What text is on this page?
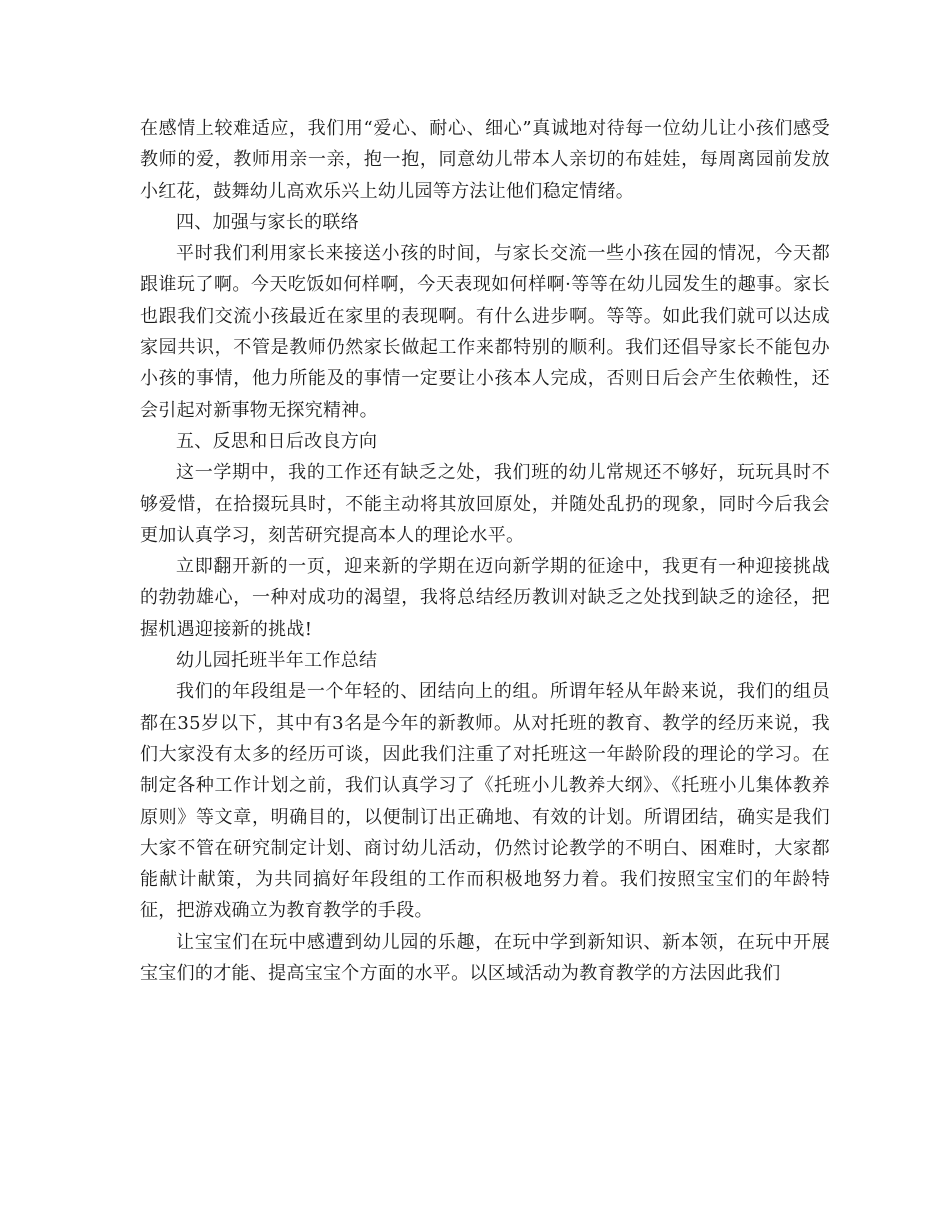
在感情上较难适应，我们用“爱心、耐心、细心”真诚地对待每一位幼儿让小孩们感受教师的爱，教师用亲一亲，抱一抱，同意幼儿带本人亲切的布娃娃，每周离园前发放小红花，鼓舞幼儿高欢乐兴上幼儿园等方法让他们稳定情绪。

四、加强与家长的联络

平时我们利用家长来接送小孩的时间，与家长交流一些小孩在园的情况，今天都跟谁玩了啊。今天吃饭如何样啊，今天表现如何样啊·等等在幼儿园发生的趣事。家长也跟我们交流小孩最近在家里的表现啊。有什么进步啊。等等。如此我们就可以达成家园共识，不管是教师仍然家长做起工作来都特别的顺利。我们还倡导家长不能包办小孩的事情，他力所能及的事情一定要让小孩本人完成，否则日后会产生依赖性，还会引起对新事物无探究精神。

五、反思和日后改良方向

这一学期中，我的工作还有缺乏之处，我们班的幼儿常规还不够好，玩玩具时不够爱惜，在拾掇玩具时，不能主动将其放回原处，并随处乱扔的现象，同时今后我会更加认真学习，刻苦研究提高本人的理论水平。

立即翻开新的一页，迎来新的学期在迈向新学期的征途中，我更有一种迎接挑战的勃勃雄心，一种对成功的渴望，我将总结经历教训对缺乏之处找到缺乏的途径，把握机遇迎接新的挑战!

幼儿园托班半年工作总结

我们的年段组是一个年轻的、团结向上的组。所谓年轻从年龄来说，我们的组员都在35岁以下，其中有3名是今年的新教师。从对托班的教育、教学的经历来说，我们大家没有太多的经历可谈，因此我们注重了对托班这一年龄阶段的理论的学习。在制定各种工作计划之前，我们认真学习了《托班小儿教养大纲》、《托班小儿集体教养原则》等文章，明确目的，以便制订出正确地、有效的计划。所谓团结，确实是我们大家不管在研究制定计划、商讨幼儿活动，仍然讨论教学的不明白、困难时，大家都能献计献策，为共同搞好年段组的工作而积极地努力着。我们按照宝宝们的年龄特征，把游戏确立为教育教学的手段。

让宝宝们在玩中感遭到幼儿园的乐趣，在玩中学到新知识、新本领，在玩中开展宝宝们的才能、提高宝宝个方面的水平。以区域活动为教育教学的方法因此我们
